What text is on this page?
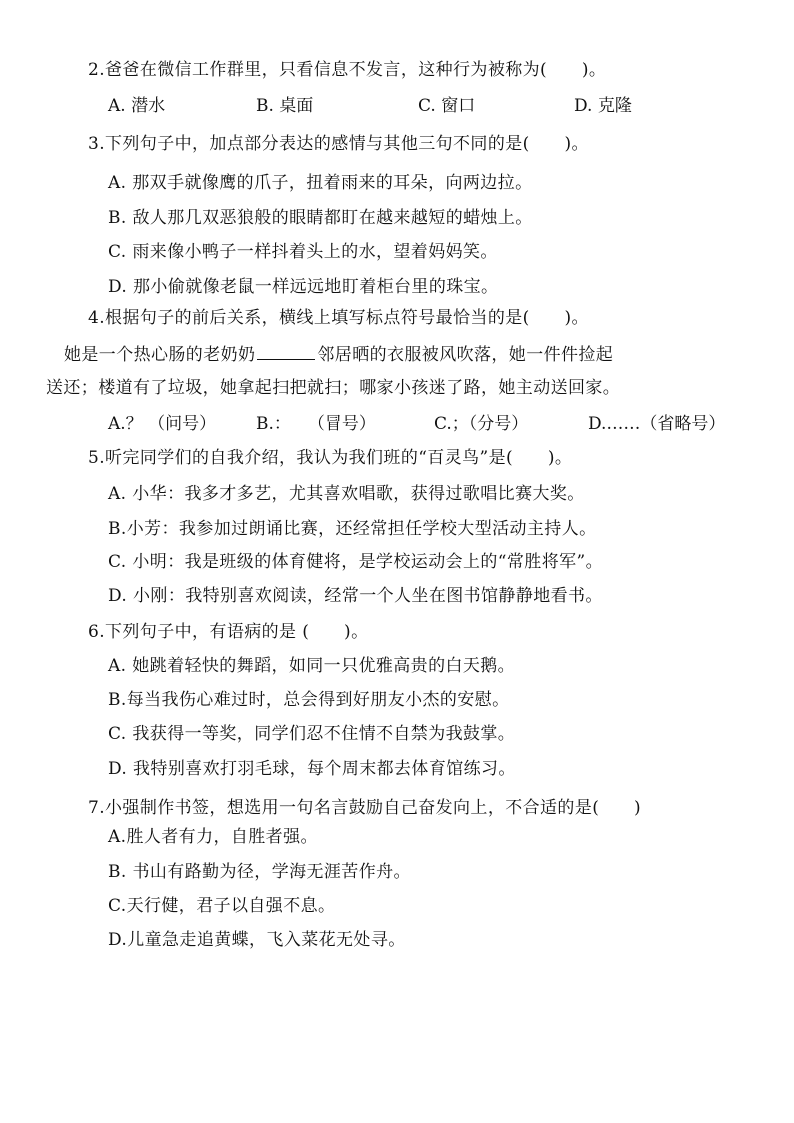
2.爸爸在微信工作群里，只看信息不发言，这种行为被称为(　　)。
A. 潜水	B. 桌面	C. 窗口	D. 克隆
3.下列句子中，加点部分表达的感情与其他三句不同的是(　　)。
A. 那双手就像鹰的爪子，扭着雨来的耳朵，向两边拉。
B. 敌人那几双恶狼般的眼睛都盯在越来越短的蜡烛上。
C. 雨来像小鸭子一样抖着头上的水，望着妈妈笑。
D. 那小偷就像老鼠一样远远地盯着柜台里的珠宝。
4.根据句子的前后关系，横线上填写标点符号最恰当的是(　　)。
她是一个热心肠的老奶奶	邻居晒的衣服被风吹落，她一件件捡起
送还；楼道有了垃圾，她拿起扫把就扫；哪家小孩迷了路，她主动送回家。
A.？ （问号） B.：　　（冒号）	C.；（分号）	D.……（省略号）
5.听完同学们的自我介绍，我认为我们班的“百灵鸟”是(　　)。
A. 小华：我多才多艺，尤其喜欢唱歌，获得过歌唱比赛大奖。
B.小芳：我参加过朗诵比赛，还经常担任学校大型活动主持人。
C. 小明：我是班级的体育健将，是学校运动会上的“常胜将军”。
D. 小刚：我特别喜欢阅读，经常一个人坐在图书馆静静地看书。
6.下列句子中，有语病的是 (　　)。
A. 她跳着轻快的舞蹈，如同一只优雅高贵的白天鹅。
B.每当我伤心难过时，总会得到好朋友小杰的安慰。
C. 我获得一等奖，同学们忍不住情不自禁为我鼓掌。
D. 我特别喜欢打羽毛球，每个周末都去体育馆练习。
7.小强制作书签，想选用一句名言鼓励自己奋发向上，不合适的是(　　)
A.胜人者有力，自胜者强。
B. 书山有路勤为径，学海无涯苦作舟。
C.天行健，君子以自强不息。
D.儿童急走追黄蝶，飞入菜花无处寻。
